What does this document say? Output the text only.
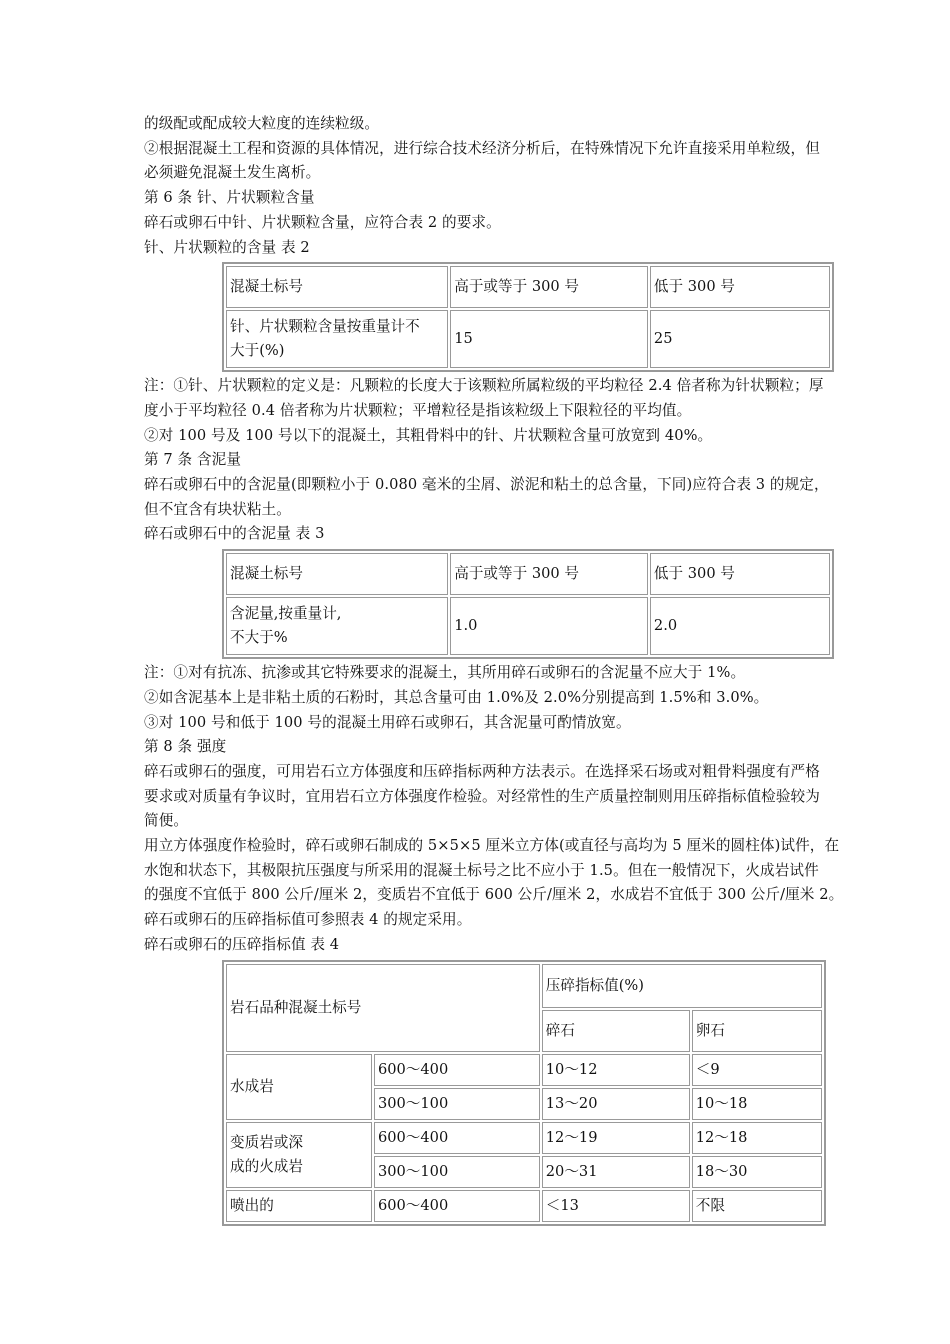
的级配或配成较大粒度的连续粒级。
②根据混凝土工程和资源的具体情况，进行综合技术经济分析后，在特殊情况下允许直接采用单粒级，但
必须避免混凝土发生离析。
第 6 条 针、片状颗粒含量
碎石或卵石中针、片状颗粒含量，应符合表 2 的要求。
针、片状颗粒的含量 表 2
混凝土标号	高于或等于 300 号	低于 300 号

针、片状颗粒含量按重量计不
大于(%)	15	25
注：①针、片状颗粒的定义是：凡颗粒的长度大于该颗粒所属粒级的平均粒径 2.4 倍者称为针状颗粒；厚
度小于平均粒径 0.4 倍者称为片状颗粒；平增粒径是指该粒级上下限粒径的平均值。
②对 100 号及 100 号以下的混凝土，其粗骨料中的针、片状颗粒含量可放宽到 40%。
第 7 条 含泥量
碎石或卵石中的含泥量(即颗粒小于 0.080 毫米的尘屑、淤泥和粘土的总含量，下同)应符合表 3 的规定，
但不宜含有块状粘土。
碎石或卵石中的含泥量 表 3
混凝土标号	高于或等于 300 号	低于 300 号

含泥量,按重量计,
不大于%	1.0	2.0
注：①对有抗冻、抗渗或其它特殊要求的混凝土，其所用碎石或卵石的含泥量不应大于 1%。
②如含泥基本上是非粘土质的石粉时，其总含量可由 1.0%及 2.0%分别提高到 1.5%和 3.0%。
③对 100 号和低于 100 号的混凝土用碎石或卵石，其含泥量可酌情放宽。
第 8 条 强度
碎石或卵石的强度，可用岩石立方体强度和压碎指标两种方法表示。在选择采石场或对粗骨料强度有严格
要求或对质量有争议时，宜用岩石立方体强度作检验。对经常性的生产质量控制则用压碎指标值检验较为
简便。
用立方体强度作检验时，碎石或卵石制成的 5×5×5 厘米立方体(或直径与高均为 5 厘米的圆柱体)试件，在
水饱和状态下，其极限抗压强度与所采用的混凝土标号之比不应小于 1.5。但在一般情况下，火成岩试件
的强度不宜低于 800 公斤/厘米 2，变质岩不宜低于 600 公斤/厘米 2，水成岩不宜低于 300 公斤/厘米 2。
碎石或卵石的压碎指标值可参照表 4 的规定采用。
碎石或卵石的压碎指标值 表 4
岩石品种混凝土标号		压碎指标值(%)	
		碎石	卵石
水成岩	600～400	10～12	＜9
	300～100	13～20	10～18

变质岩或深
成的火成岩	600～400	12～19	12～18
	300～100	20～31	18～30
喷出的	600～400	＜13	不限
